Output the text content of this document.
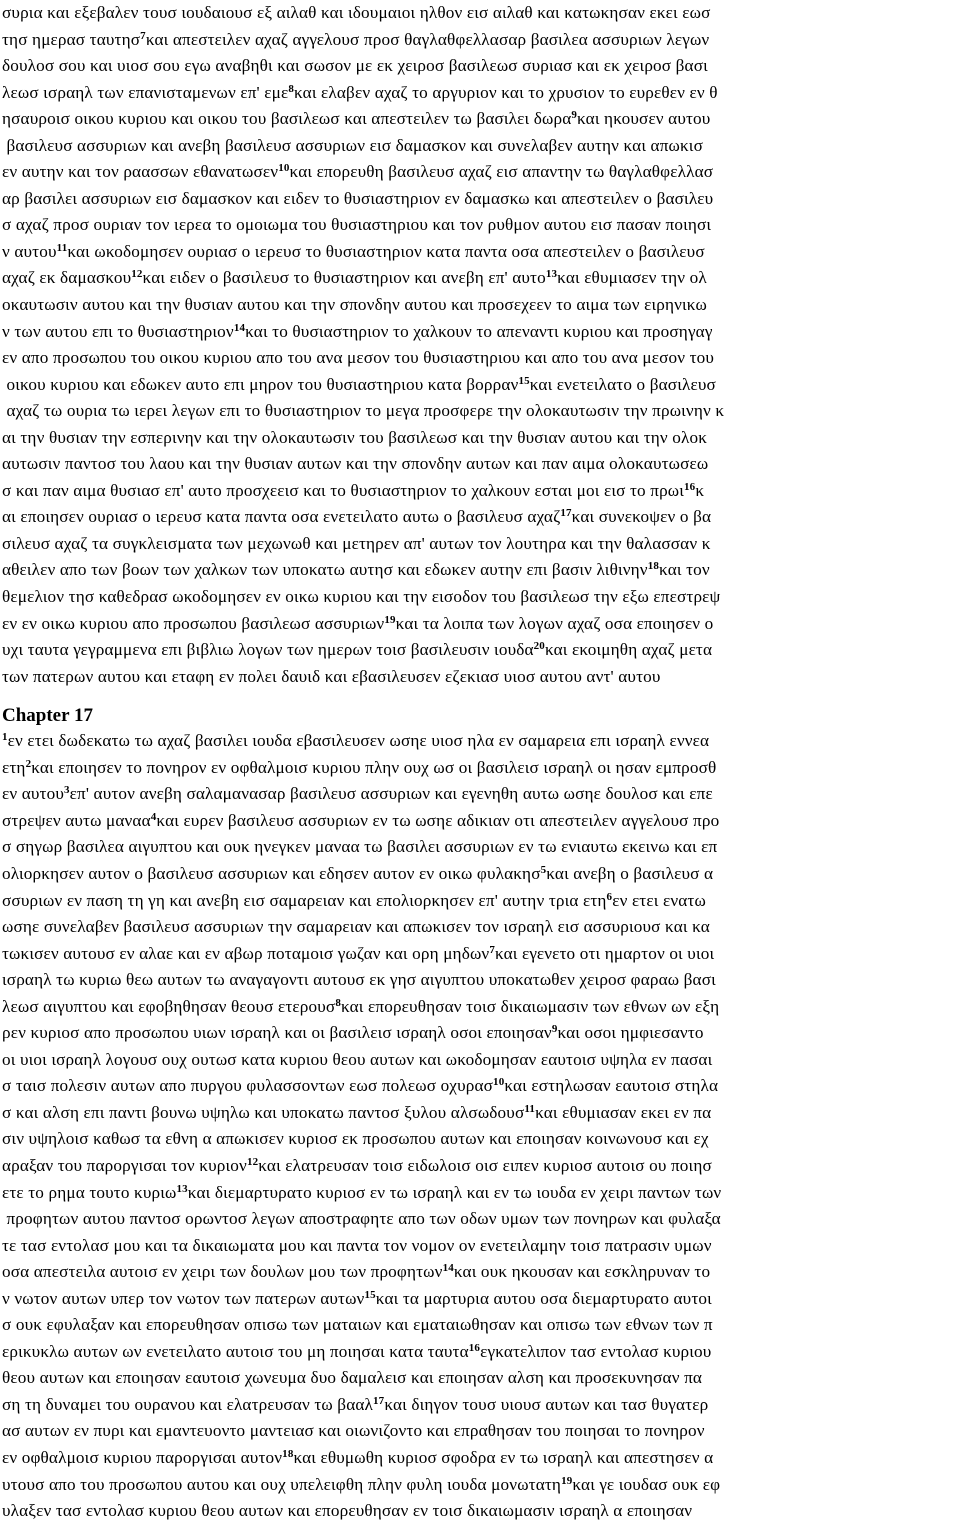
συρια και εξεβαλεν τουσ ιουδαιουσ εξ αιλαθ και ιδουμαιοι ηλθον εισ αιλαθ και κατωκησαν εκει εωσ
τησ ημερασ ταυτησ$^7$και απεστειλεν αχαζ αγγελουσ προσ θαγλαθφελλασαρ βασιλεα ασσυριων λεγων
δουλοσ σου και υιοσ σου εγω αναβηθι και σωσον με εκ χειροσ βασιλεωσ συριασ και εκ χειροσ βασι
λεωσ ισραηλ των επανισταμενων επ' εμε$^8$και ελαβεν αχαζ το αργυριον και το χρυσιον το ευρεθεν εν θ
ησαυροισ οικου κυριου και οικου του βασιλεωσ και απεστειλεν τω βασιλει δωρα$^9$και ηκουσεν αυτου
βασιλευσ ασσυριων και ανεβη βασιλευσ ασσυριων εισ δαμασκον και συνελαβεν αυτην και απωκισ
εν αυτην και τον ραασσων εθανατωσεν$^{10}$και επορευθη βασιλευσ αχαζ εισ απαντην τω θαγλαθφελλασ
αρ βασιλει ασσυριων εισ δαμασκον και ειδεν το θυσιαστηριον εν δαμασκω και απεστειλεν ο βασιλευ
σ αχαζ προσ ουριαν τον ιερεα το ομοιωμα του θυσιαστηριου και τον ρυθμον αυτου εισ πασαν ποιησι
ν αυτου$^{11}$και ωκοδομησεν ουριασ ο ιερευσ το θυσιαστηριον κατα παντα οσα απεστειλεν ο βασιλευσ
αχαζ εκ δαμασκου$^{12}$και ειδεν ο βασιλευσ το θυσιαστηριον και ανεβη επ' αυτο$^{13}$και εθυμιασεν την ολ
οκαυτωσιν αυτου και την θυσιαν αυτου και την σπονδην αυτου και προσεχεεν το αιμα των ειρηνικω
ν των αυτου επι το θυσιαστηριον$^{14}$και το θυσιαστηριον το χαλκουν το απεναντι κυριου και προσηγαγ
εν απο προσωπου του οικου κυριου απο του ανα μεσον του θυσιαστηριου και απο του ανα μεσον του
οικου κυριου και εδωκεν αυτο επι μηρον του θυσιαστηριου κατα βορραν$^{15}$και ενετειλατο ο βασιλευσ
αχαζ τω ουρια τω ιερει λεγων επι το θυσιαστηριον το μεγα προσφερε την ολοκαυτωσιν την πρωινην κ
αι την θυσιαν την εσπερινην και την ολοκαυτωσιν του βασιλεωσ και την θυσιαν αυτου και την ολοκ
αυτωσιν παντοσ του λαου και την θυσιαν αυτων και την σπονδην αυτων και παν αιμα ολοκαυτωσεω
σ και παν αιμα θυσιασ επ' αυτο προσχεεισ και το θυσιαστηριον το χαλκουν εσται μοι εισ το πρωι$^{16}$κ
αι εποιησεν ουριασ ο ιερευσ κατα παντα οσα ενετειλατο αυτω ο βασιλευσ αχαζ$^{17}$και συνεκοψεν ο βα
σιλευσ αχαζ τα συγκλεισματα των μεχωνωθ και μετηρεν απ' αυτων τον λουτηρα και την θαλασσαν κ
αθειλεν απο των βοων των χαλκων των υποκατω αυτησ και εδωκεν αυτην επι βασιν λιθινην$^{18}$και τον
θεμελιον τησ καθεδρασ ωκοδομησεν εν οικω κυριου και την εισοδον του βασιλεωσ την εξω επεστρεψ
εν εν οικω κυριου απο προσωπου βασιλεωσ ασσυριων$^{19}$και τα λοιπα των λογων αχαζ οσα εποιησεν ο
υχι ταυτα γεγραμμενα επι βιβλιω λογων των ημερων τοισ βασιλευσιν ιουδα$^{20}$και εκοιμηθη αχαζ μετα
των πατερων αυτου και εταφη εν πολει δαυιδ και εβασιλευσεν εζεκιασ υιοσ αυτου αντ' αυτου
Chapter 17
$^1$εν ετει δωδεκατω τω αχαζ βασιλει ιουδα εβασιλευσεν ωσηε υιοσ ηλα εν σαμαρεια επι ισραηλ εννεα
ετη$^2$και εποιησεν το πονηρον εν οφθαλμοισ κυριου πλην ουχ ωσ οι βασιλεισ ισραηλ οι ησαν εμπροσθ
εν αυτου$^3$επ' αυτον ανεβη σαλαμανασαρ βασιλευσ ασσυριων και εγενηθη αυτω ωσηε δουλοσ και επε
στρεψεν αυτω μαναα$^4$και ευρεν βασιλευσ ασσυριων εν τω ωσηε αδικιαν οτι απεστειλεν αγγελουσ προ
σ σηγωρ βασιλεα αιγυπτου και ουκ ηνεγκεν μαναα τω βασιλει ασσυριων εν τω ενιαυτω εκεινω και επ
ολιορκησεν αυτον ο βασιλευσ ασσυριων και εδησεν αυτον εν οικω φυλακησ$^5$και ανεβη ο βασιλευσ α
σσυριων εν παση τη γη και ανεβη εισ σαμαρειαν και επολιορκησεν επ' αυτην τρια ετη$^6$εν ετει ενατω
ωσηε συνελαβεν βασιλευσ ασσυριων την σαμαρειαν και απωκισεν τον ισραηλ εισ ασσυριουσ και κα
τωκισεν αυτουσ εν αλαε και εν αβωρ ποταμοισ γωζαν και ορη μηδων$^7$και εγενετο οτι ημαρτον οι υιοι
ισραηλ τω κυριω θεω αυτων τω αναγαγοντι αυτουσ εκ γησ αιγυπτου υποκατωθεν χειροσ φαραω βασι
λεωσ αιγυπτου και εφοβηθησαν θεουσ ετερουσ$^8$και επορευθησαν τοισ δικαιωμασιν των εθνων ων εξη
ρεν κυριοσ απο προσωπου υιων ισραηλ και οι βασιλεισ ισραηλ οσοι εποιησαν$^9$και οσοι ημφιεσαντο
οι υιοι ισραηλ λογουσ ουχ ουτωσ κατα κυριου θεου αυτων και ωκοδομησαν εαυτοισ υψηλα εν πασαι
σ ταισ πολεσιν αυτων απο πυργου φυλασσοντων εωσ πολεωσ οχυρασ$^{10}$και εστηλωσαν εαυτοισ στηλα
σ και αλση επι παντι βουνω υψηλω και υποκατω παντοσ ξυλου αλσωδουσ$^{11}$και εθυμιασαν εκει εν πα
σιν υψηλοισ καθωσ τα εθνη α απωκισεν κυριοσ εκ προσωπου αυτων και εποιησαν κοινωνουσ και εχ
αραξαν του παροργισαι τον κυριον$^{12}$και ελατρευσαν τοισ ειδωλοισ οισ ειπεν κυριοσ αυτοισ ου ποιησ
ετε το ρημα τουτο κυριω$^{13}$και διεμαρτυρατο κυριοσ εν τω ισραηλ και εν τω ιουδα εν χειρι παντων των
προφητων αυτου παντοσ ορωντοσ λεγων αποστραφητε απο των οδων υμων των πονηρων και φυλαξα
τε τασ εντολασ μου και τα δικαιωματα μου και παντα τον νομον ον ενετειλαμην τοισ πατρασιν υμων
οσα απεστειλα αυτοισ εν χειρι των δουλων μου των προφητων$^{14}$και ουκ ηκουσαν και εσκληρυναν το
ν νωτον αυτων υπερ τον νωτον των πατερων αυτων$^{15}$και τα μαρτυρια αυτου οσα διεμαρτυρατο αυτοι
σ ουκ εφυλαξαν και επορευθησαν οπισω των ματαιων και εματαιωθησαν και οπισω των εθνων των π
ερικυκλω αυτων ων ενετειλατο αυτοισ του μη ποιησαι κατα ταυτα$^{16}$εγκατελιπον τασ εντολασ κυριου
θεου αυτων και εποιησαν εαυτοισ χωνευμα δυο δαμαλεισ και εποιησαν αλση και προσεκυνησαν πα
ση τη δυναμει του ουρανου και ελατρευσαν τω βααλ$^{17}$και διηγον τουσ υιουσ αυτων και τασ θυγατερ
ασ αυτων εν πυρι και εμαντευοντο μαντειασ και οιωνιζοντο και επραθησαν του ποιησαι το πονηρον
εν οφθαλμοισ κυριου παροργισαι αυτον$^{18}$και εθυμωθη κυριοσ σφοδρα εν τω ισραηλ και απεστησεν α
υτουσ απο του προσωπου αυτου και ουχ υπελειφθη πλην φυλη ιουδα μονωτατη$^{19}$και γε ιουδασ ουκ εφ
υλαξεν τασ εντολασ κυριου θεου αυτων και επορευθησαν εν τοισ δικαιωμασιν ισραηλ α εποιησαν
